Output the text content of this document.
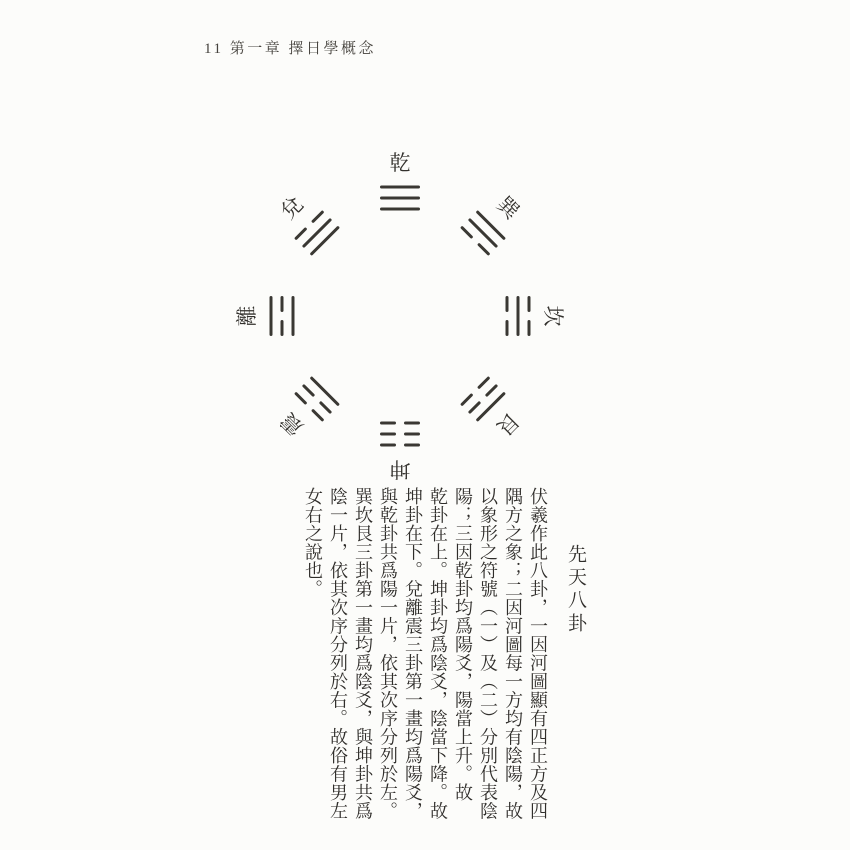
11 第一章 擇日學概念
乾
巽
坎
艮
坤
震
離
兌
先天八卦
伏羲作此八卦，一因河圖顯有四正方及四
隅方之象；二因河圖每一方均有陰陽，故
以象形之符號（一）及（二）分別代表陰
陽；三因乾卦均爲陽爻，陽當上升。故
乾卦在上。坤卦均爲陰爻，陰當下降。故
坤卦在下。兌離震三卦第一畫均爲陽爻，
與乾卦共爲陽一片，依其次序分列於左。
巽坎艮三卦第一畫均爲陰爻，與坤卦共爲
陰一片，依其次序分列於右。故俗有男左
女右之說也。
